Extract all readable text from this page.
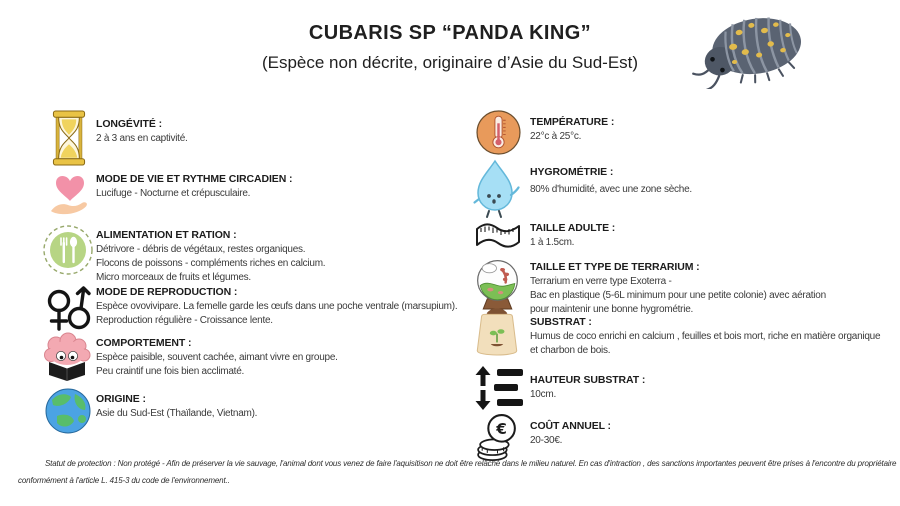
CUBARIS SP “PANDA KING”
(Espèce non décrite, originaire d’Asie du Sud-Est)
LONGÉVITÉ :
2 à 3 ans en captivité.
MODE DE VIE ET RYTHME CIRCADIEN :
Lucifuge - Nocturne et crépusculaire.
ALIMENTATION ET RATION :
Détrivore - débris de végétaux, restes organiques.
Flocons de poissons - compléments riches en calcium.
Micro morceaux de fruits et légumes.
MODE DE REPRODUCTION :
Espèce ovovivipare. La femelle garde les œufs dans une poche ventrale (marsupium).
Reproduction régulière - Croissance lente.
COMPORTEMENT :
Espèce paisible, souvent cachée, aimant vivre en groupe.
Peu craintif une fois bien acclimaté.
ORIGINE :
Asie du Sud-Est (Thaïlande, Vietnam).
TEMPÉRATURE :
22°c à 25°c.
HYGROMÉTRIE :
80% d'humidité, avec une zone sèche.
TAILLE ADULTE :
1 à 1.5cm.
TAILLE ET TYPE DE TERRARIUM :
Terrarium en verre type Exoterra -
Bac en plastique (5-6L minimum pour une petite colonie) avec aération
pour maintenir une bonne hygrométrie.
SUBSTRAT :
Humus de coco enrichi en calcium , feuilles et bois mort, riche en matière organique
et charbon de bois.
HAUTEUR SUBSTRAT :
10cm.
€ COÛT ANNUEL :
20-30€.
Statut de protection : Non protégé - Afin de préserver la vie sauvage, l'animal dont vous venez de faire l'aquisitison ne doit être relâché dans le milieu naturel. En cas d'intraction , des sanctions importantes peuvent être prises à l'encontre du propriétaire
conformément à l'article L. 415-3 du code de l'environnement..
